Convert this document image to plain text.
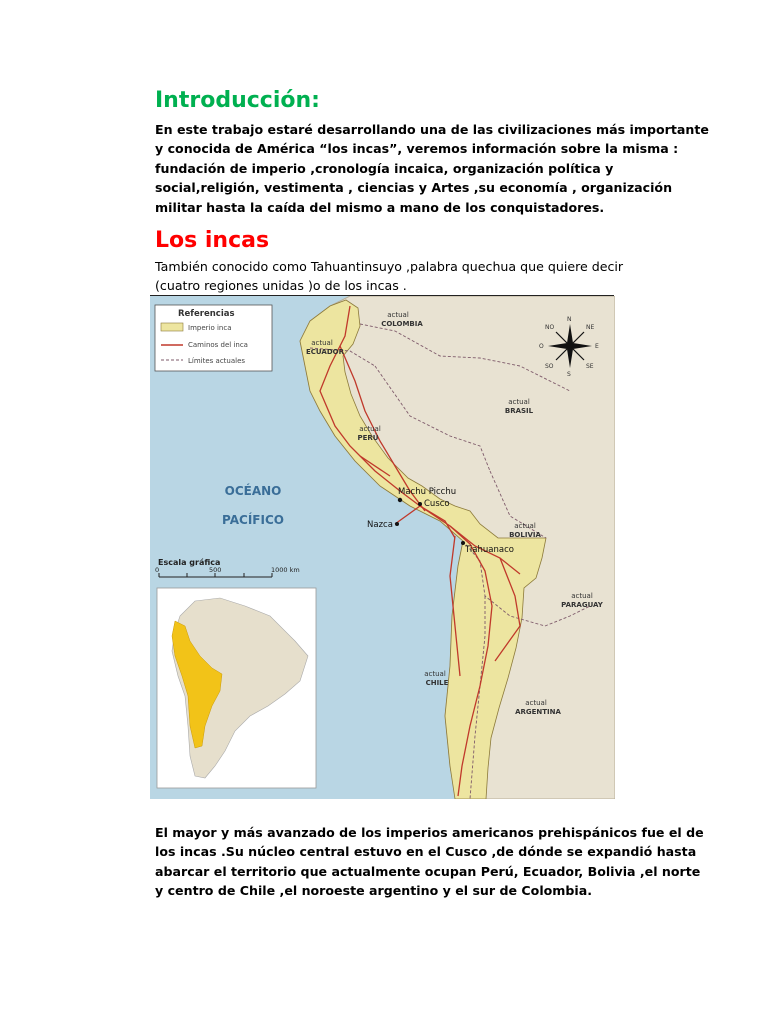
Introducción:

En este trabajo estaré desarrollando una de las civilizaciones más importante
y conocida de América “los incas”, veremos información sobre la misma :
fundación de imperio ,cronología incaica, organización política y
social,religión, vestimenta , ciencias y Artes ,su economía , organización
militar hasta la caída del mismo a mano de los conquistadores.

Los incas

También conocido como Tahuantinsuyo ,palabra quechua que quiere decir
(cuatro regiones unidas )o de los incas .

Referencias
Imperio inca
Caminos del inca
Límites actuales
NO
N
NE
O	E
SO
S
SE
actual COLOMBIA
actual ECUADOR
actual BRASIL
actual PERÚ
actual BOLIVIA
actual PARAGUAY
actual CHILE
actual ARGENTINA
OCÉANO
PACÍFICO
Machu Picchu
Cusco
Nazca
Tiahuanaco
Escala gráfica
0	500	1000 km

El mayor y más avanzado de los imperios americanos prehispánicos fue el de
los incas .Su núcleo central estuvo en el Cusco ,de dónde se expandió hasta
abarcar el territorio que actualmente ocupan Perú, Ecuador, Bolivia ,el norte
y centro de Chile ,el noroeste argentino y el sur de Colombia.
